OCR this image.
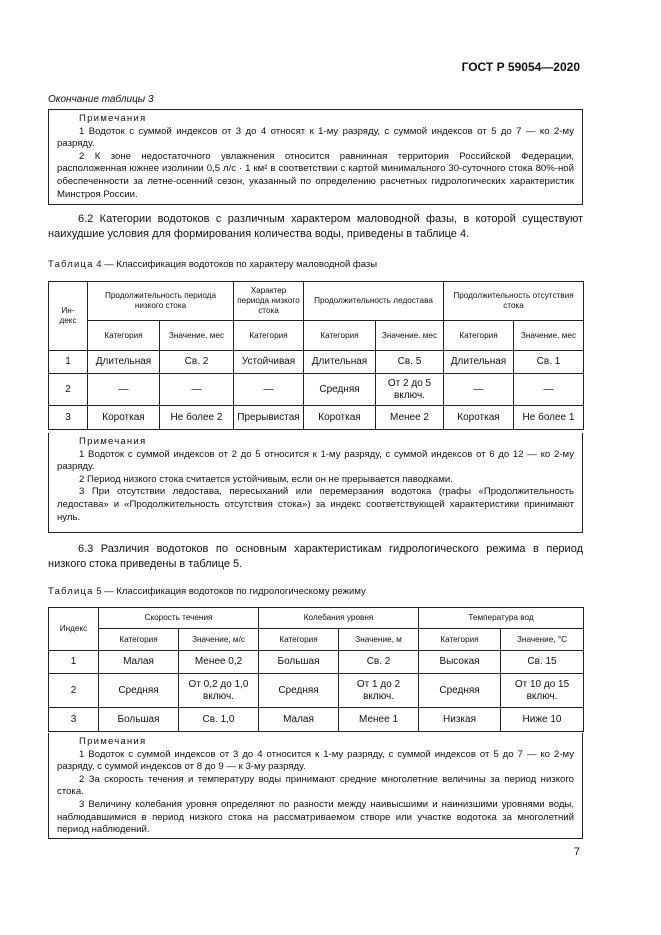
ГОСТ Р 59054—2020
Окончание таблицы 3
Примечания
1 Водоток с суммой индексов от 3 до 4 относят к 1-му разряду, с суммой индексов от 5 до 7 — ко 2-му разряду.
2 К зоне недостаточного увлажнения относится равнинная территория Российской Федерации, расположенная южнее изолинии 0,5 л/с · 1 км² в соответствии с картой минимального 30-суточного стока 80%-ной обеспеченности за летне-осенний сезон, указанный по определению расчетных гидрологических характеристик Минстроя России.
6.2 Категории водотоков с различным характером маловодной фазы, в которой существуют наихудшие условия для формирования количества воды, приведены в таблице 4.
Таблица 4 — Классификация водотоков по характеру маловодной фазы
Ин-
декс	Продолжительность периода низкого стока		Характер периода низкого стока	Продолжительность ледостава		Продолжительность отсутствия стока	
	Категория	Значение, мес	Категория	Категория	Значение. мес	Категория	Значение, мес
1	Длительная	Св. 2	Устойчивая	Длительная	Св. 5	Длительная	Св. 1
2	—	—	—	Средняя	От 2 до 5 включ.	—	—
3	Короткая	Не более 2	Прерывистая	Короткая	Менее 2	Короткая	Не более 1
Примечания
1 Водоток с суммой индексов от 2 до 5 относится к 1-му разряду, с суммой индексов от 6 до 12 — ко 2-му разряду.
2 Период низкого стока считается устойчивым, если он не прерывается паводками.
3 При отсутствии ледостава, пересыханий или перемерзания водотока (графы «Продолжительность ледостава» и «Продолжительность отсутствия стока») за индекс соответствующей характеристики принимают нуль.
6.3 Различия водотоков по основным характеристикам гидрологического режима в период низкого стока приведены в таблице 5.
Таблица 5 — Классификация водотоков по гидрологическому режиму
Индекс	Скорость течения		Колебания уровня		Температура вод	
	Категория	Значение, м/с	Категория	Значение, м	Категория	Значение, °С
1	Малая	Менее 0,2	Большая	Св. 2	Высокая	Св. 15
2	Средняя	От 0,2 до 1,0 включ.	Средняя	От 1 до 2 включ.	Средняя	От 10 до 15 включ.
3	Большая	Св. 1,0	Малая	Менее 1	Низкая	Ниже 10
Примечания
1 Водоток с суммой индексов от 3 до 4 относится к 1-му разряду, с суммой индексов от 5 до 7 — ко 2-му разряду, с суммой индексов от 8 до 9 — к 3-му разряду.
2 За скорость течения и температуру воды принимают средние многолетние величины за период низкого стока.
3 Величину колебания уровня определяют по разности между наивысшими и наинизшими уровнями воды, наблюдавшимися в период низкого стока на рассматриваемом створе или участке водотока за многолетний период наблюдений.
7
